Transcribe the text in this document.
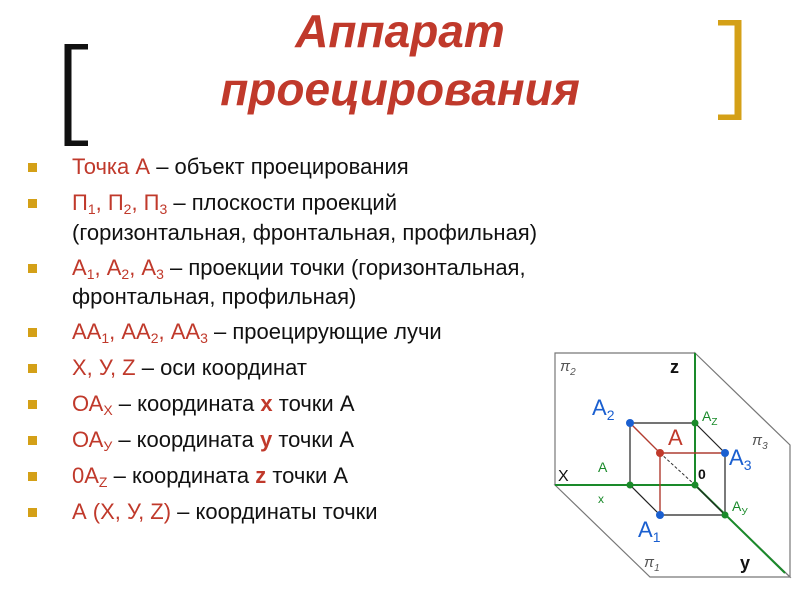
Аппарат
проецирования
Точка А – объект проецирования
$П_1$, $П_2$, $П_3$ – плоскости проекций
(горизонтальная, фронтальная, профильная)
$А_1$, $А_2$, $А_3$ – проекции точки (горизонтальная,
фронтальная, профильная)
$АА_1$, $АА_2$, $АА_3$ – проецирующие лучи
Х, У, Z – оси координат
$ОА_Х$ – координата x точки А
$ОА_У$ – координата y точки А
$0А_Z$ – координата z точки А
А (Х, У, Z) – координаты точки
$\pi_2$	z
$A_2$	$A_Z$
A	$\pi_3$
$A_3$
X
A
x
0
$A_У$
$A_1$
$\pi_1$	y
